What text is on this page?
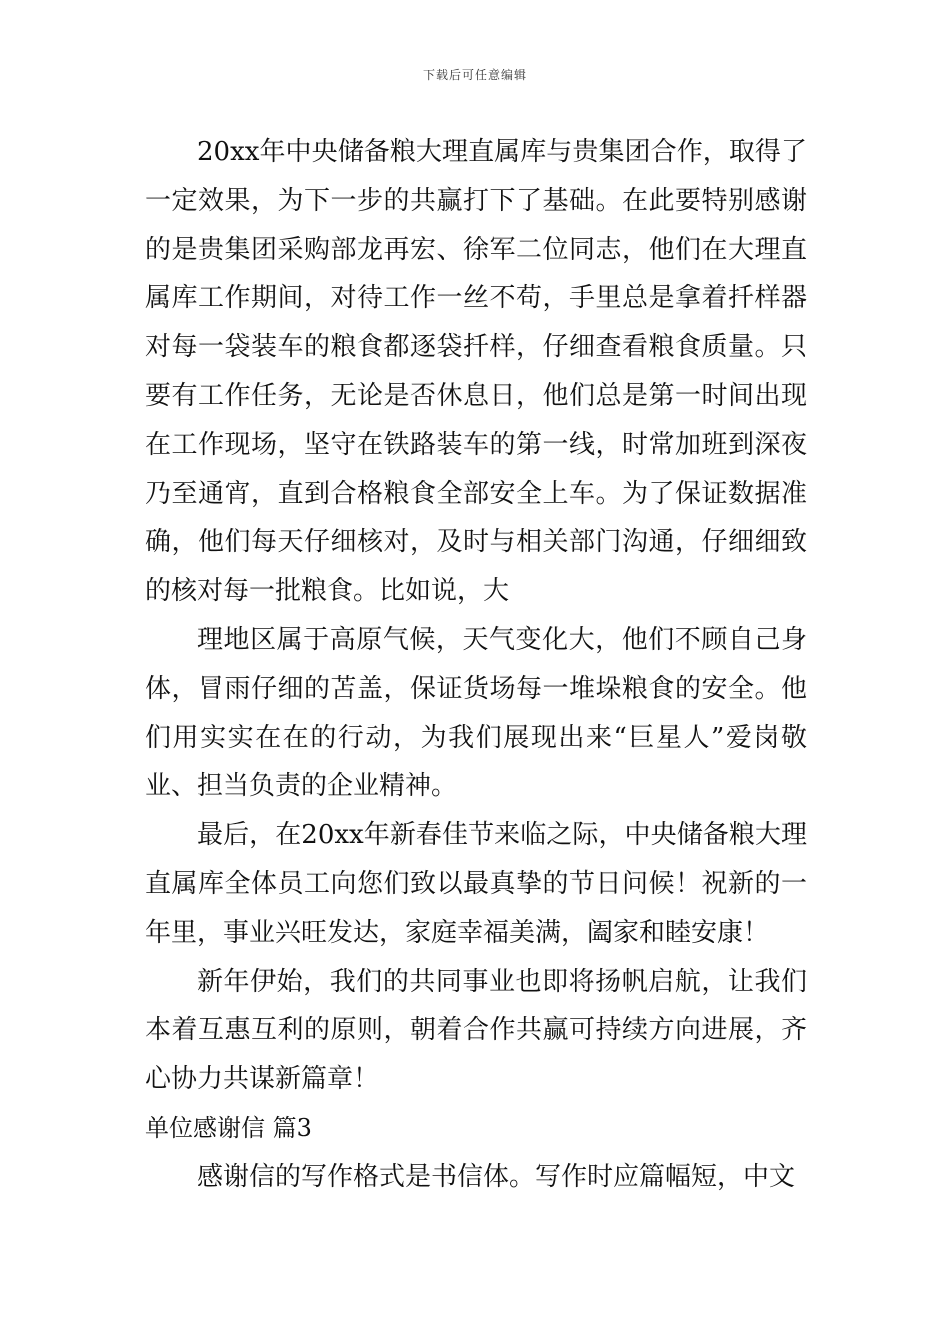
下载后可任意编辑

20xx年中央储备粮大理直属库与贵集团合作，取得了一定效果，为下一步的共赢打下了基础。在此要特别感谢的是贵集团采购部龙再宏、徐军二位同志，他们在大理直属库工作期间，对待工作一丝不苟，手里总是拿着扦样器对每一袋装车的粮食都逐袋扦样，仔细查看粮食质量。只要有工作任务，无论是否休息日，他们总是第一时间出现在工作现场，坚守在铁路装车的第一线，时常加班到深夜乃至通宵，直到合格粮食全部安全上车。为了保证数据准确，他们每天仔细核对，及时与相关部门沟通，仔细细致的核对每一批粮食。比如说，大

理地区属于高原气候，天气变化大，他们不顾自己身体，冒雨仔细的苫盖，保证货场每一堆垛粮食的安全。他们用实实在在的行动，为我们展现出来“巨星人”爱岗敬业、担当负责的企业精神。

最后，在20xx年新春佳节来临之际，中央储备粮大理直属库全体员工向您们致以最真挚的节日问候！祝新的一年里，事业兴旺发达，家庭幸福美满，阖家和睦安康！

新年伊始，我们的共同事业也即将扬帆启航，让我们本着互惠互利的原则，朝着合作共赢可持续方向进展，齐心协力共谋新篇章！

单位感谢信 篇3

感谢信的写作格式是书信体。写作时应篇幅短，中文
